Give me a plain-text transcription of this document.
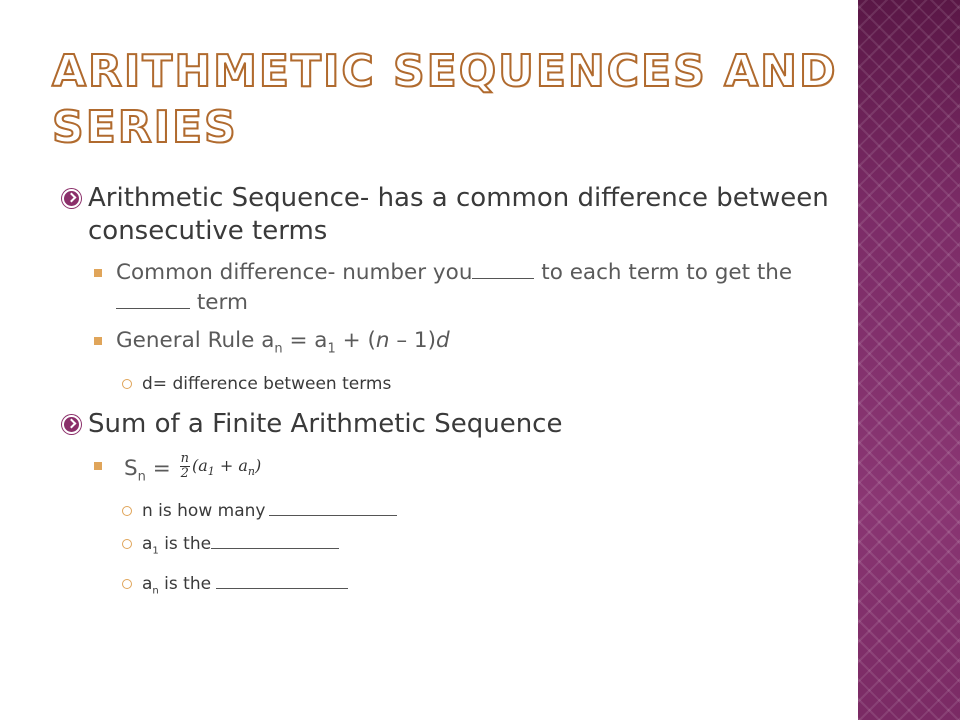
ARITHMETIC SEQUENCES AND SERIES
Arithmetic Sequence- has a common difference between consecutive terms
Common difference- number you	to each term to get the term
General Rule $a_n = a_1 + (n - 1)d$
d= difference between terms
Sum of a Finite Arithmetic Sequence
$S_n = \frac{n}{2} (a_1 + a_n)$
n is how many
$a_1$ is the
$a_n$ is the
